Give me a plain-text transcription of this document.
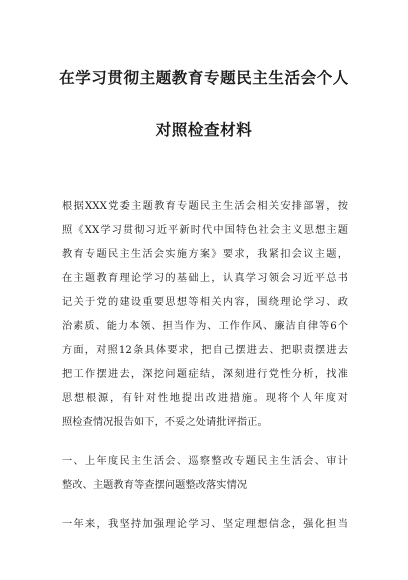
在学习贯彻主题教育专题民主生活会个人
对照检查材料
根据XXX党委主题教育专题民主生活会相关安排部署，按
照《XX学习贯彻习近平新时代中国特色社会主义思想主题
教育专题民主生活会实施方案》要求，我紧扣会议主题，
在主题教育理论学习的基础上，认真学习领会习近平总书
记关于党的建设重要思想等相关内容，围绕理论学习、政
治素质、能力本领、担当作为、工作作风、廉洁自律等6个
方面，对照12条具体要求，把自己摆进去、把职责摆进去
把工作摆进去，深挖问题症结，深刻进行党性分析，找准
思想根源，有针对性地提出改进措施。现将个人年度对
照检查情况报告如下，不妥之处请批评指正。
一、上年度民主生活会、巡察整改专题民主生活会、审计
整改、主题教育等查摆问题整改落实情况
一年来，我坚持加强理论学习、坚定理想信念，强化担当
